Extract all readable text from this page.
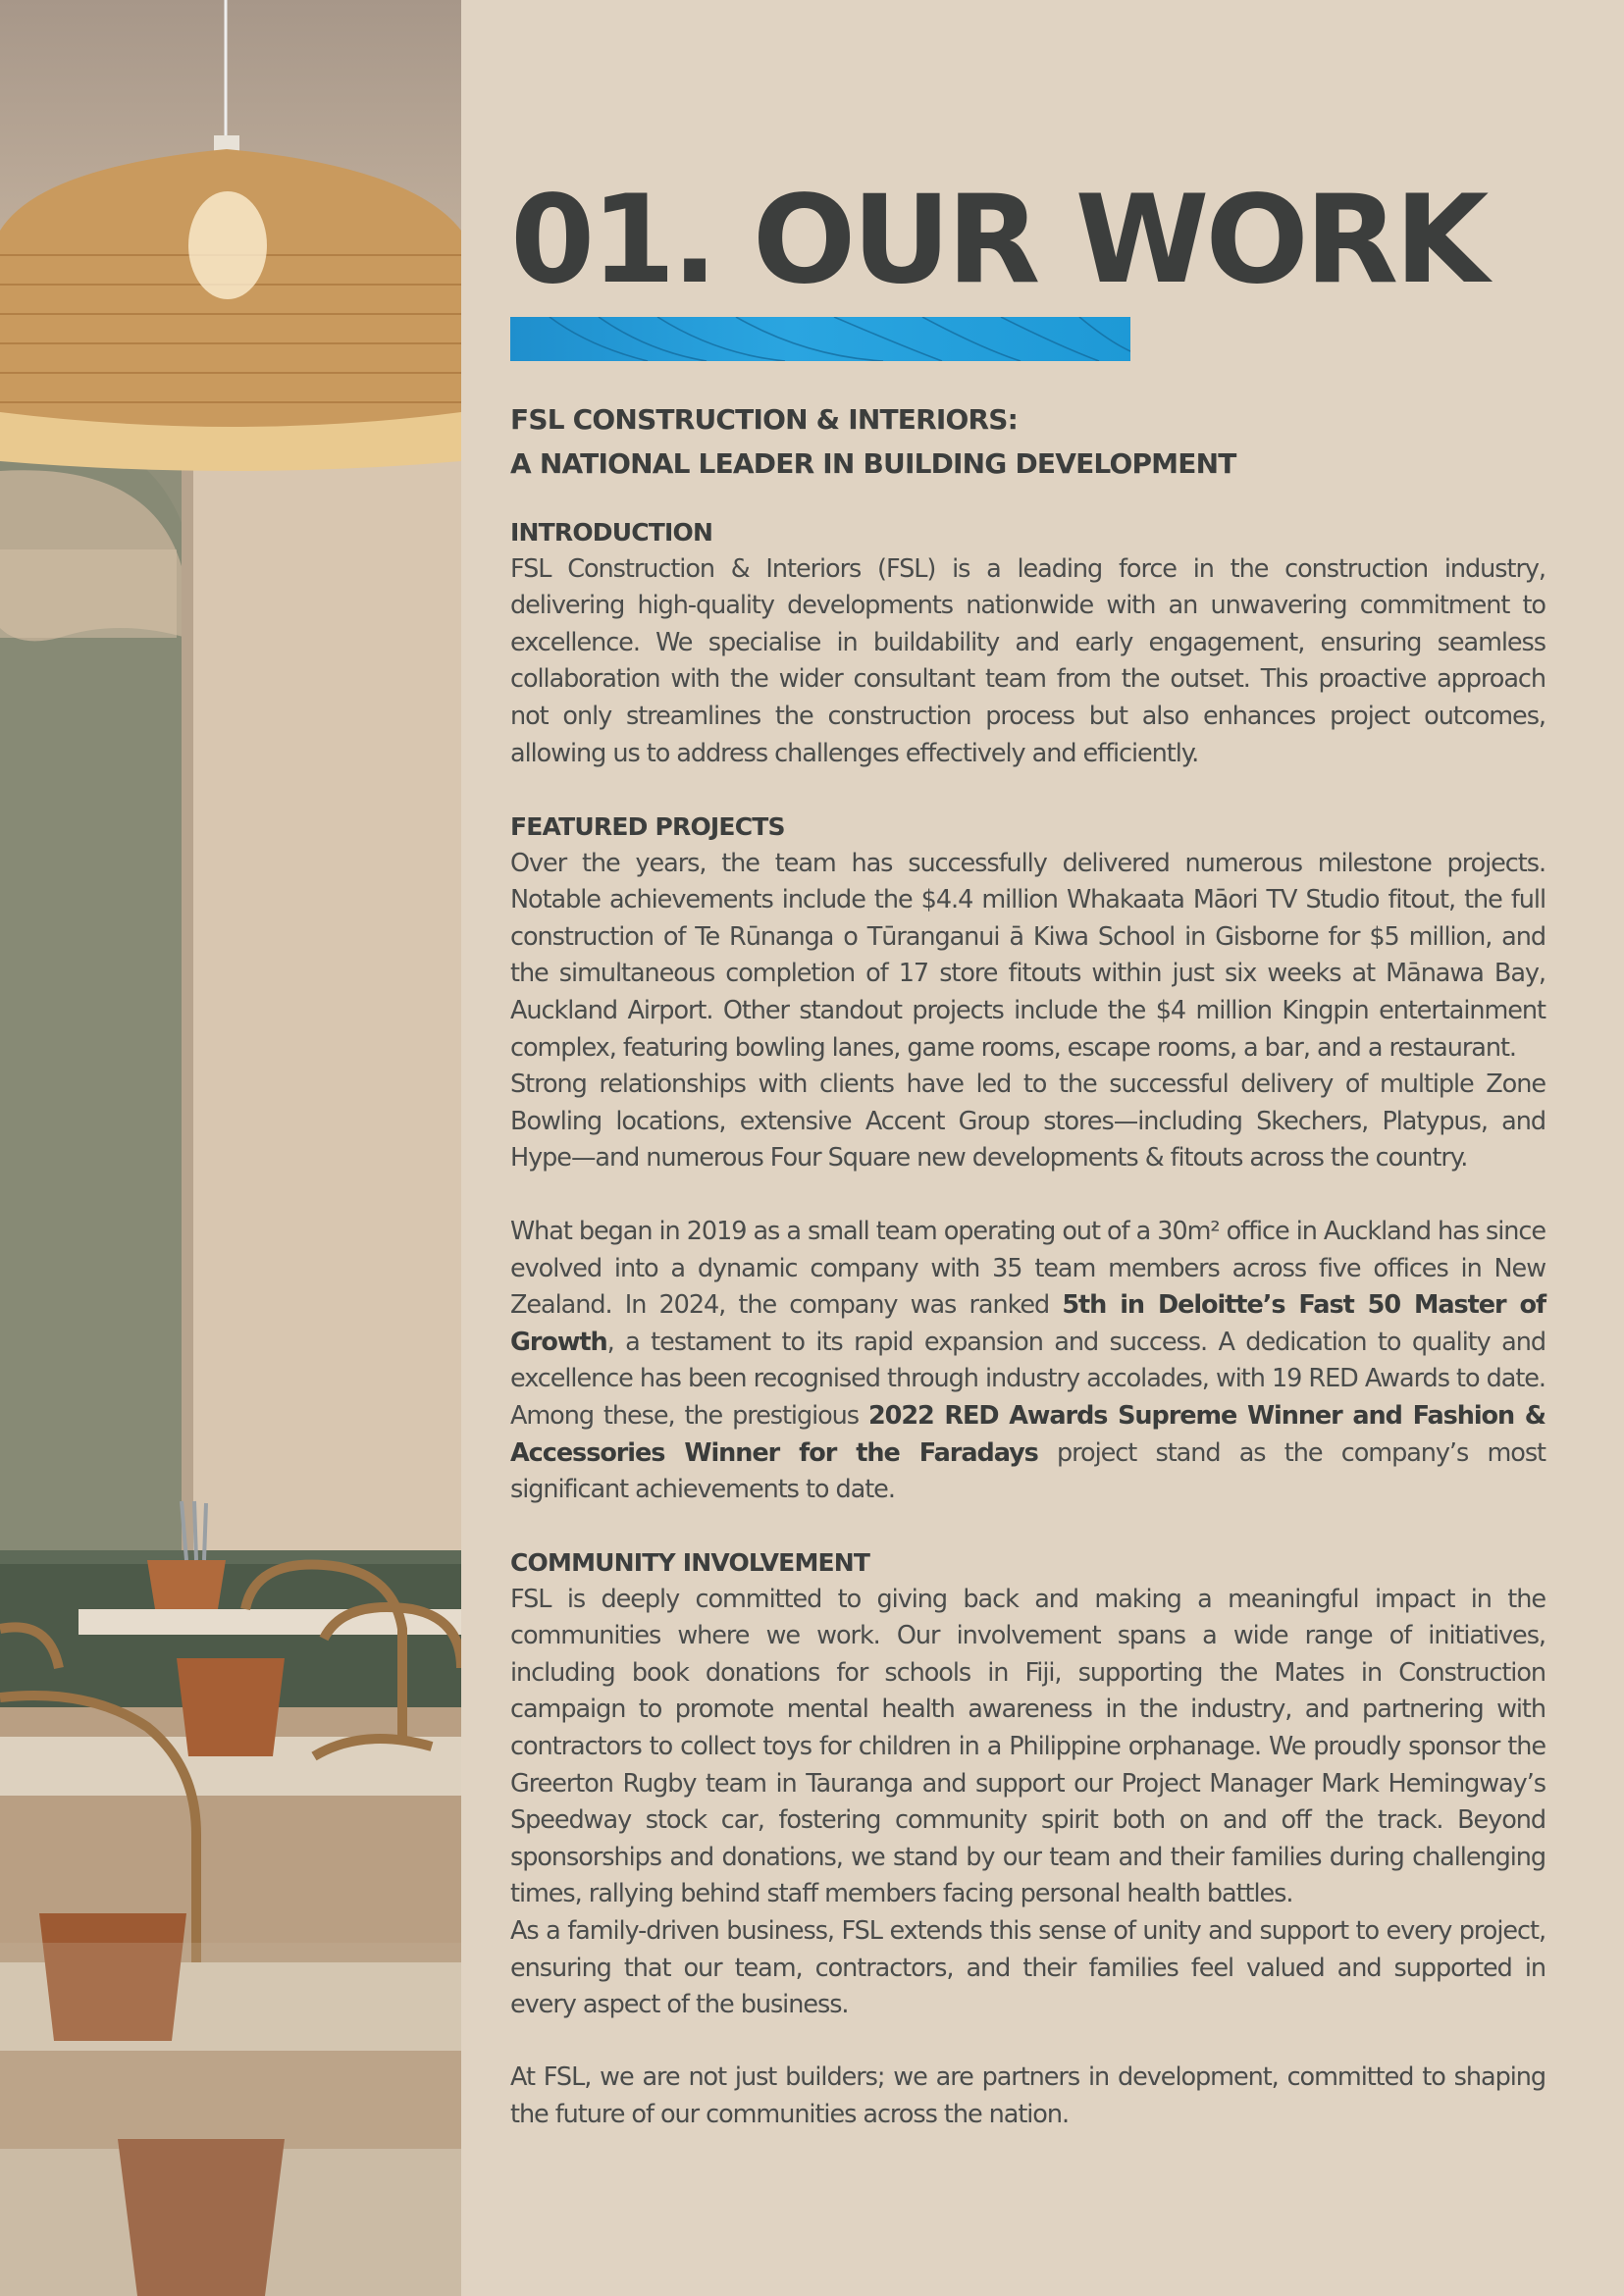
01. OUR WORK
FSL CONSTRUCTION & INTERIORS:
A NATIONAL LEADER IN BUILDING DEVELOPMENT
INTRODUCTION

FSL Construction & Interiors (FSL) is a leading force in the construction industry, delivering high-quality developments nationwide with an unwavering commitment to excellence. We specialise in buildability and early engagement, ensuring seamless collaboration with the wider consultant team from the outset. This proactive approach not only streamlines the construction process but also enhances project outcomes, allowing us to address challenges effectively and efficiently.

FEATURED PROJECTS

Over the years, the team has successfully delivered numerous milestone projects. Notable achievements include the $4.4 million Whakaata Māori TV Studio fitout, the full construction of Te Rūnanga o Tūranganui ā Kiwa School in Gisborne for $5 million, and the simultaneous completion of 17 store fitouts within just six weeks at Mānawa Bay, Auckland Airport. Other standout projects include the $4 million Kingpin entertainment complex, featuring bowling lanes, game rooms, escape rooms, a bar, and a restaurant.

Strong relationships with clients have led to the successful delivery of multiple Zone Bowling locations, extensive Accent Group stores—including Skechers, Platypus, and Hype—and numerous Four Square new developments & fitouts across the country.

What began in 2019 as a small team operating out of a 30m² office in Auckland has since evolved into a dynamic company with 35 team members across five offices in New Zealand. In 2024, the company was ranked 5th in Deloitte’s Fast 50 Master of Growth, a testament to its rapid expansion and success. A dedication to quality and excellence has been recognised through industry accolades, with 19 RED Awards to date. Among these, the prestigious 2022 RED Awards Supreme Winner and Fashion & Accessories Winner for the Faradays project stand as the company’s most significant achievements to date.

COMMUNITY INVOLVEMENT

FSL is deeply committed to giving back and making a meaningful impact in the communities where we work. Our involvement spans a wide range of initiatives, including book donations for schools in Fiji, supporting the Mates in Construction campaign to promote mental health awareness in the industry, and partnering with contractors to collect toys for children in a Philippine orphanage. We proudly sponsor the Greerton Rugby team in Tauranga and support our Project Manager Mark Hemingway’s Speedway stock car, fostering community spirit both on and off the track. Beyond sponsorships and donations, we stand by our team and their families during challenging times, rallying behind staff members facing personal health battles.

As a family-driven business, FSL extends this sense of unity and support to every project, ensuring that our team, contractors, and their families feel valued and supported in every aspect of the business.

At FSL, we are not just builders; we are partners in development, committed to shaping the future of our communities across the nation.
